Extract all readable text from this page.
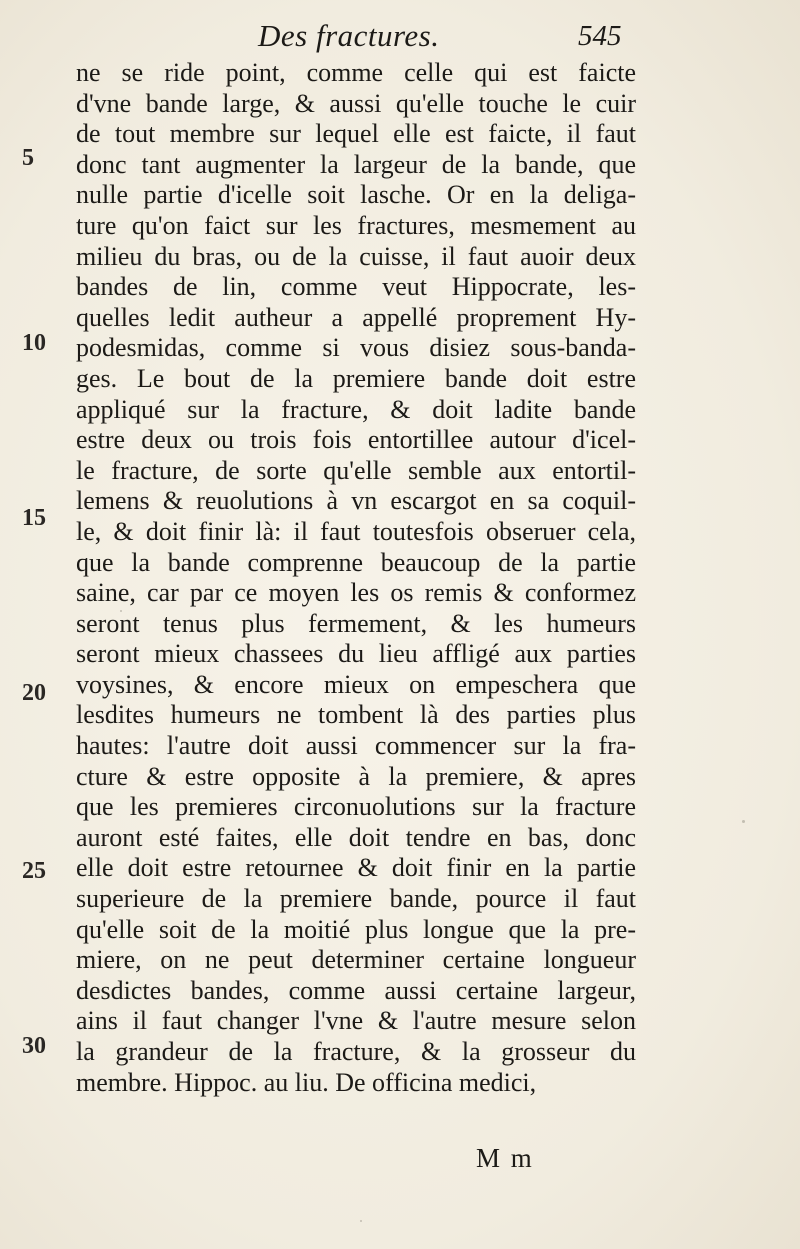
Des fractures.	545
5
10
15
20
25
30
ne se ride point, comme celle qui est faicte
d'vne bande large, & aussi qu'elle touche le cuir
de tout membre sur lequel elle est faicte, il faut
donc tant augmenter la largeur de la bande, que
nulle partie d'icelle soit lasche. Or en la deliga-
ture qu'on faict sur les fractures, mesmement au
milieu du bras, ou de la cuisse, il faut auoir deux
bandes de lin, comme veut Hippocrate, les-
quelles ledit autheur a appellé proprement Hy-
podesmidas, comme si vous disiez sous-banda-
ges. Le bout de la premiere bande doit estre
appliqué sur la fracture, & doit ladite bande
estre deux ou trois fois entortillee autour d'icel-
le fracture, de sorte qu'elle semble aux entortil-
lemens & reuolutions à vn escargot en sa coquil-
le, & doit finir là: il faut toutesfois obseruer cela,
que la bande comprenne beaucoup de la partie
saine, car par ce moyen les os remis & conformez
seront tenus plus fermement, & les humeurs
seront mieux chassees du lieu affligé aux parties
voysines, & encore mieux on empeschera que
lesdites humeurs ne tombent là des parties plus
hautes: l'autre doit aussi commencer sur la fra-
cture & estre opposite à la premiere, & apres
que les premieres circonuolutions sur la fracture
auront esté faites, elle doit tendre en bas, donc
elle doit estre retournee & doit finir en la partie
superieure de la premiere bande, pource il faut
qu'elle soit de la moitié plus longue que la pre-
miere, on ne peut determiner certaine longueur
desdictes bandes, comme aussi certaine largeur,
ains il faut changer l'vne & l'autre mesure selon
la grandeur de la fracture, & la grosseur du
membre. Hippoc. au liu. De officina medici,
M m
